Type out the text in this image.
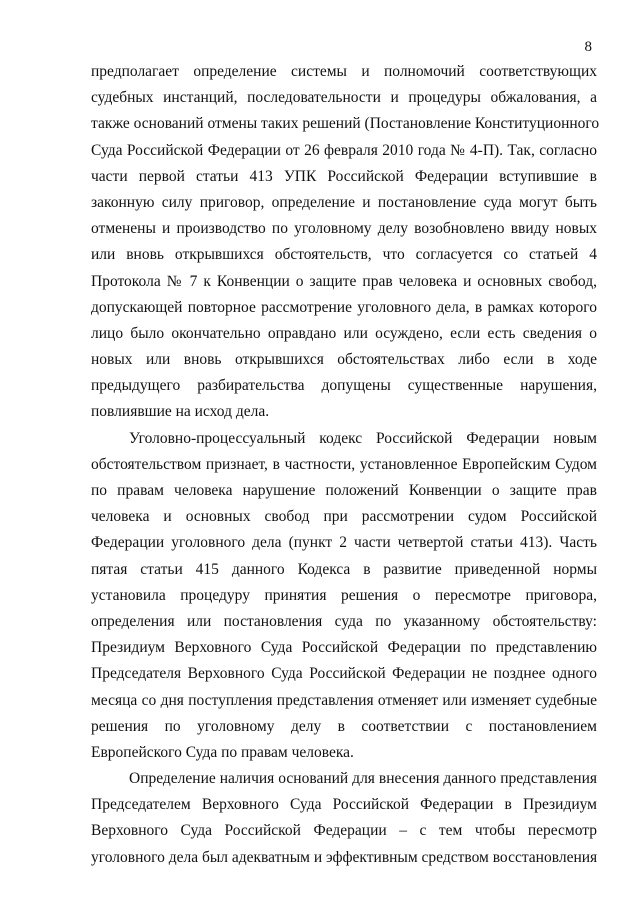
8
предполагает определение системы и полномочий соответствующих
судебных инстанций, последовательности и процедуры обжалования, а
также оснований отмены таких решений (Постановление Конституционного
Суда Российской Федерации от 26 февраля 2010 года № 4-П). Так, согласно
части первой статьи 413 УПК Российской Федерации вступившие в
законную силу приговор, определение и постановление суда могут быть
отменены и производство по уголовному делу возобновлено ввиду новых
или вновь открывшихся обстоятельств, что согласуется со статьей 4
Протокола № 7 к Конвенции о защите прав человека и основных свобод,
допускающей повторное рассмотрение уголовного дела, в рамках которого
лицо было окончательно оправдано или осуждено, если есть сведения о
новых или вновь открывшихся обстоятельствах либо если в ходе
предыдущего разбирательства допущены существенные нарушения,
повлиявшие на исход дела.
Уголовно-процессуальный кодекс Российской Федерации новым
обстоятельством признает, в частности, установленное Европейским Судом
по правам человека нарушение положений Конвенции о защите прав
человека и основных свобод при рассмотрении судом Российской
Федерации уголовного дела (пункт 2 части четвертой статьи 413). Часть
пятая статьи 415 данного Кодекса в развитие приведенной нормы
установила процедуру принятия решения о пересмотре приговора,
определения или постановления суда по указанному обстоятельству:
Президиум Верховного Суда Российской Федерации по представлению
Председателя Верховного Суда Российской Федерации не позднее одного
месяца со дня поступления представления отменяет или изменяет судебные
решения по уголовному делу в соответствии с постановлением
Европейского Суда по правам человека.
Определение наличия оснований для внесения данного представления
Председателем Верховного Суда Российской Федерации в Президиум
Верховного Суда Российской Федерации – с тем чтобы пересмотр
уголовного дела был адекватным и эффективным средством восстановления
